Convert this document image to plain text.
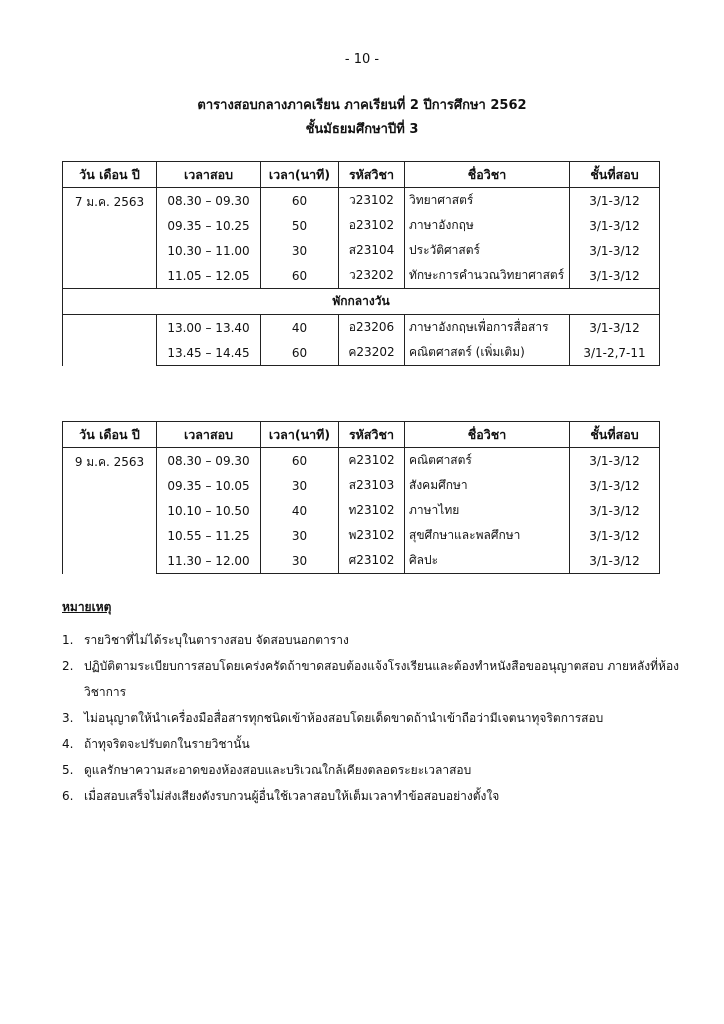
- 10 -
ตารางสอบกลางภาคเรียน ภาคเรียนที่ 2 ปีการศึกษา 2562
ชั้นมัธยมศึกษาปีที่ 3
วัน เดือน ปี	เวลาสอบ	เวลา(นาที)	รหัสวิชา	ชื่อวิชา	ชั้นที่สอบ
7 ม.ค. 2563	08.30 – 09.30	60	ว23102	วิทยาศาสตร์	3/1-3/12
	09.35 – 10.25	50	อ23102	ภาษาอังกฤษ	3/1-3/12
	10.30 – 11.00	30	ส23104	ประวัติศาสตร์	3/1-3/12
	11.05 – 12.05	60	ว23202	ทักษะการคำนวณวิทยาศาสตร์	3/1-3/12
พักกลางวัน					
	13.00 – 13.40	40	อ23206	ภาษาอังกฤษเพื่อการสื่อสาร	3/1-3/12
	13.45 – 14.45	60	ค23202	คณิตศาสตร์ (เพิ่มเติม)	3/1-2,7-11
วัน เดือน ปี	เวลาสอบ	เวลา(นาที)	รหัสวิชา	ชื่อวิชา	ชั้นที่สอบ
9 ม.ค. 2563	08.30 – 09.30	60	ค23102	คณิตศาสตร์	3/1-3/12
	09.35 – 10.05	30	ส23103	สังคมศึกษา	3/1-3/12
	10.10 – 10.50	40	ท23102	ภาษาไทย	3/1-3/12
	10.55 – 11.25	30	พ23102	สุขศึกษาและพลศึกษา	3/1-3/12
	11.30 – 12.00	30	ศ23102	ศิลปะ	3/1-3/12
หมายเหตุ
1. รายวิชาที่ไม่ได้ระบุในตารางสอบ จัดสอบนอกตาราง
2. ปฏิบัติตามระเบียบการสอบโดยเคร่งครัดถ้าขาดสอบต้องแจ้งโรงเรียนและต้องทำหนังสือขออนุญาตสอบ ภายหลังที่ห้องวิชาการ
3. ไม่อนุญาตให้นำเครื่องมือสื่อสารทุกชนิดเข้าห้องสอบโดยเด็ดขาดถ้านำเข้าถือว่ามีเจตนาทุจริตการสอบ
4. ถ้าทุจริตจะปรับตกในรายวิชานั้น
5. ดูแลรักษาความสะอาดของห้องสอบและบริเวณใกล้เคียงตลอดระยะเวลาสอบ
6. เมื่อสอบเสร็จไม่ส่งเสียงดังรบกวนผู้อื่นใช้เวลาสอบให้เต็มเวลาทำข้อสอบอย่างตั้งใจ
